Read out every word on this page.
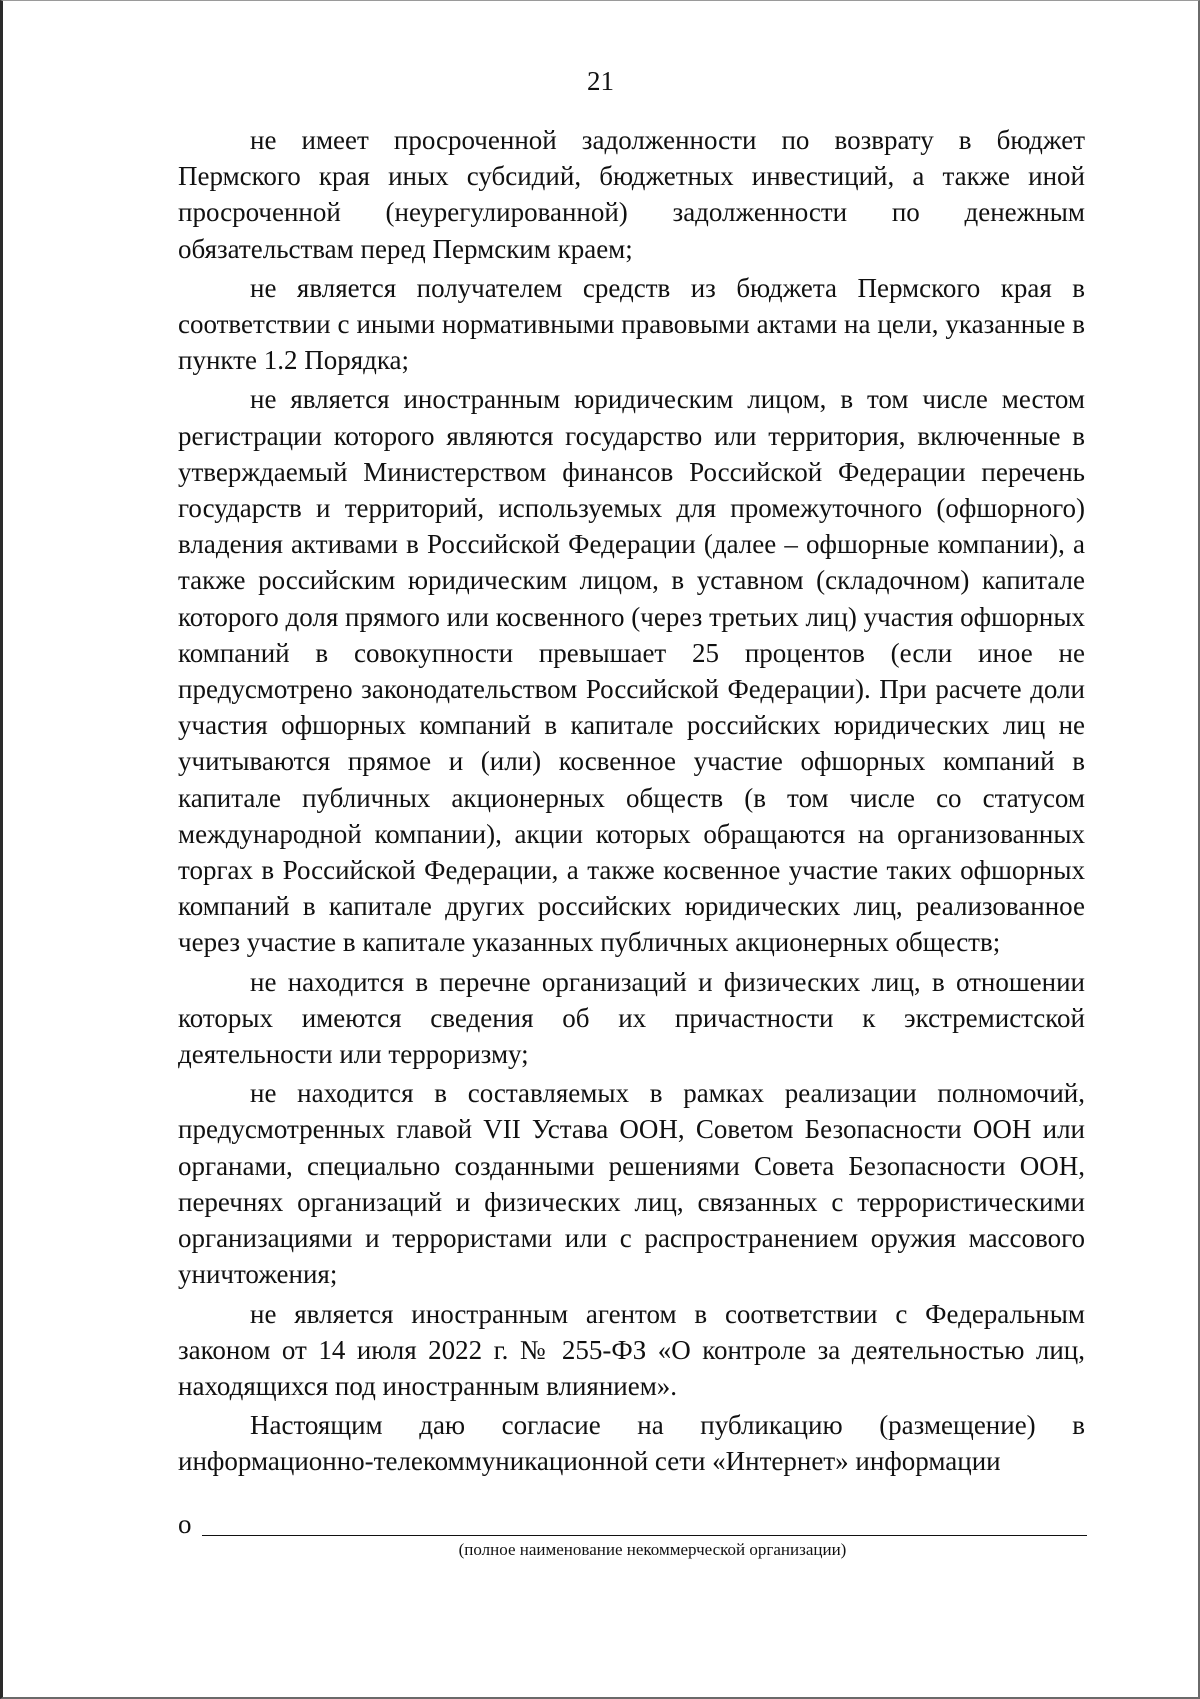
21

не имеет просроченной задолженности по возврату в бюджет Пермского края иных субсидий, бюджетных инвестиций, а также иной просроченной (неурегулированной) задолженности по денежным обязательствам перед Пермским краем;

не является получателем средств из бюджета Пермского края в соответствии с иными нормативными правовыми актами на цели, указанные в пункте 1.2 Порядка;

не является иностранным юридическим лицом, в том числе местом регистрации которого являются государство или территория, включенные в утверждаемый Министерством финансов Российской Федерации перечень государств и территорий, используемых для промежуточного (офшорного) владения активами в Российской Федерации (далее – офшорные компании), а также российским юридическим лицом, в уставном (складочном) капитале которого доля прямого или косвенного (через третьих лиц) участия офшорных компаний в совокупности превышает 25 процентов (если иное не предусмотрено законодательством Российской Федерации). При расчете доли участия офшорных компаний в капитале российских юридических лиц не учитываются прямое и (или) косвенное участие офшорных компаний в капитале публичных акционерных обществ (в том числе со статусом международной компании), акции которых обращаются на организованных торгах в Российской Федерации, а также косвенное участие таких офшорных компаний в капитале других российских юридических лиц, реализованное через участие в капитале указанных публичных акционерных обществ;

не находится в перечне организаций и физических лиц, в отношении которых имеются сведения об их причастности к экстремистской деятельности или терроризму;

не находится в составляемых в рамках реализации полномочий, предусмотренных главой VII Устава ООН, Советом Безопасности ООН или органами, специально созданными решениями Совета Безопасности ООН, перечнях организаций и физических лиц, связанных с террористическими организациями и террористами или с распространением оружия массового уничтожения;

не является иностранным агентом в соответствии с Федеральным законом от 14 июля 2022 г. № 255-ФЗ «О контроле за деятельностью лиц, находящихся под иностранным влиянием».

Настоящим даю согласие на публикацию (размещение) в информационно-телекоммуникационной сети «Интернет» информации

о
(полное наименование некоммерческой организации)
